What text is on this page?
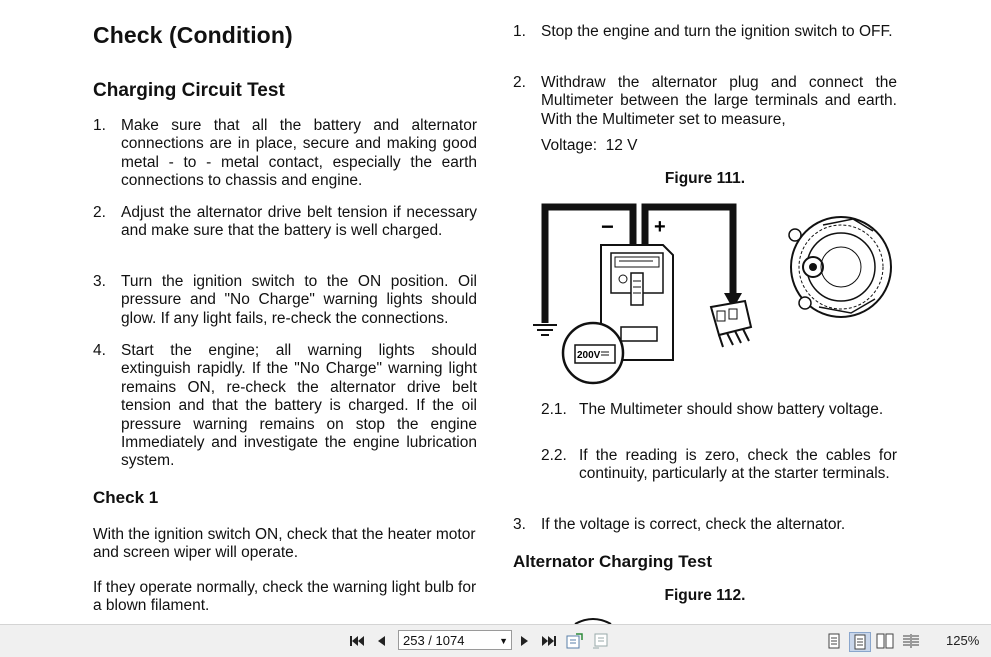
Check (Condition)
Charging Circuit Test
1. Make sure that all the battery and alternator connections are in place, secure and making good metal - to - metal contact, especially the earth connections to chassis and engine.
2. Adjust the alternator drive belt tension if necessary and make sure that the battery is well charged.
3. Turn the ignition switch to the ON position. Oil pressure and "No Charge" warning lights should glow. If any light fails, re-check the connections.
4. Start the engine; all warning lights should extinguish rapidly. If the "No Charge" warning light remains ON, re-check the alternator drive belt tension and that the battery is charged. If the oil pressure warning remains on stop the engine Immediately and investigate the engine lubrication system.
Check 1
With the ignition switch ON, check that the heater motor and screen wiper will operate.
If they operate normally, check the warning light bulb for a blown filament.
1. Stop the engine and turn the ignition switch to OFF.
2. Withdraw the alternator plug and connect the Multimeter between the large terminals and earth. With the Multimeter set to measure,
Voltage:  12 V
Figure 111.
− +
200V
2.1. The Multimeter should show battery voltage.
2.2. If the reading is zero, check the cables for continuity, particularly at the starter terminals.
3. If the voltage is correct, check the alternator.
Alternator Charging Test
Figure 112.
253 / 1074	▼	125%
